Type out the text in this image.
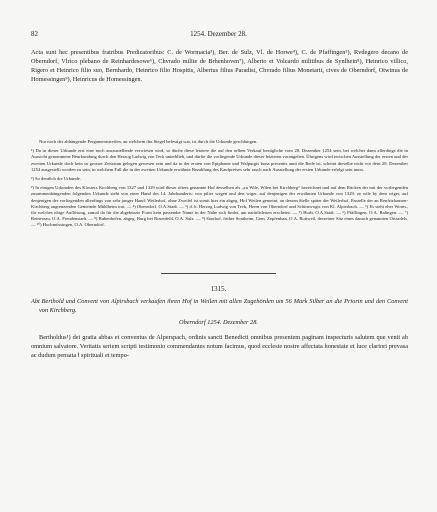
82	1254. Dezember 28.

Acta sunt hec presentibus fratribus Predicatoribus: C. de Wormacia³), Ber. de Sulz, Vl. de Horwe⁴), C. de Pfaffingen⁵), Rvdegero decano de Oberndorf, Vlrico plebano de Reinhardesowe⁶), Chvrado milite de Brhenhoven⁷), Alberto et Volcardo militibus de Synlhein⁸), Heinrico villico, Rigero et Heinrico filio suo, Bernhardo, Heinrico filio Hospitis, Albertus filius Paradisi, Chvrado filius Monetarii, cives de Oberndorf, Otwinus de Homessingen⁹), Heinricus de Homessingen.

Nur noch der abhängende Pergamentstreifen, an welchem das Siegel befestigt war, ist durch die Urkunde geschlungen.

¹) Da in dieser Urkunde erst eine noch auszustellende verwiesen wird, so dürfte diese letztere die auf den selben Verkauf bezügliche vom 28. Dezember 1254 sein, bei welcher dann allerdings die in Aussicht genommene Beurkundung durch den Herzog Ludwig von Teck unterblieb, und dürfte die vorliegende Urkunde dieser letzteren vorangehen. Übrigens wird zwischen Ausstellung der ersten und der zweiten Urkunde doch kein so grosser Zeitraum gelegen gewesen sein und da in der ersten von Epiphanie und Walpurgis bona presentis anni die Rede ist, scheint dieselbe nicht vor dem 28. Dezember 1254 ausgestellt worden zu sein, in welchem Fall die in der zweiten Urkunde erwähnte Bezahlung des Kaufpreises sehr rasch nach Ausstellung der ersten Urkunde erfolgt sein muss.

²) So deutlich die Urkunde.

³) In einigen Urkunden des Klosters Kirchberg von 1327 und 1329 wird dieser öfters genannte Hof desselben als „zu Wile, Wilen bei Kirchberg“ bezeichnet und auf dem Rücken der mit der vorliegenden zusammenhängenden folgenden Urkunde steht von einer Hand des 14. Jahrhunderts: von pilier wegen ond den wiger, auf denjenigen der erwähnten Urkunde von 1329: ze wile by dem wiger, auf denjenigen der vorliegenden allerdings von sehr junger Hand: Weilerhof, ohne Zweifel ist somit hier ein abgeg. Hof Weilen gemeint, an dessen Stelle später der Weilerhof, Parzelle der an Renfrizhausen-Kirchberg angrenzenden Gemeinde Mühlheim trat. — ⁴) Oberndorf, O.A.Stadt. — ⁵) d. h. Herzog Ludwig von Teck, Herrn von Oberndorf und Schirmvogts von Kl. Alpirsbach. — ⁶) Es steht eher Worm., für welches obige Auflösung, zumal da für die abgekürzte Form kein passender Name in der Nähe sich findet, am natürlichsten erscheint. — ⁵) Horb, O.A.Stadt. — ⁶) Pfäffingen, O.A. Balingen. — ⁷) Reinerzau, O.A. Freudenstadt. — ⁸) Bubenhofen, abgeg. Burg bei Rosenfeld, O.A. Sulz. — ⁹) Sonthof, früher Sontheim, Gem. Zepfenhan, O.A. Rottweil, derzeiner Sitz eines danach genannten Ortsadels. — ¹⁰) Hochmössingen, O.A. Oberndorf.

1315.

Abt Berthold und Convent von Alpirsbach verkaufen ihren Hof in Weilen mit allen Zugehörden um 56 Mark Silber an die Priorin und den Convent von Kirchberg.

Oberndorf 1254. Dezember 28.

Bertholdus¹) dei gratia abbas et conventus de Alperspach, ordinis sancti Benedicti omnibus presentem paginam inspecturis salutem que venit ab omnium salvatore. Veritatis seriem scripti testimonio commendantes notum facimus, quod ecclesie nostre affectata honestate et luce clariori prevasa ac dudum pensata ‖ spirituali et tempo-
